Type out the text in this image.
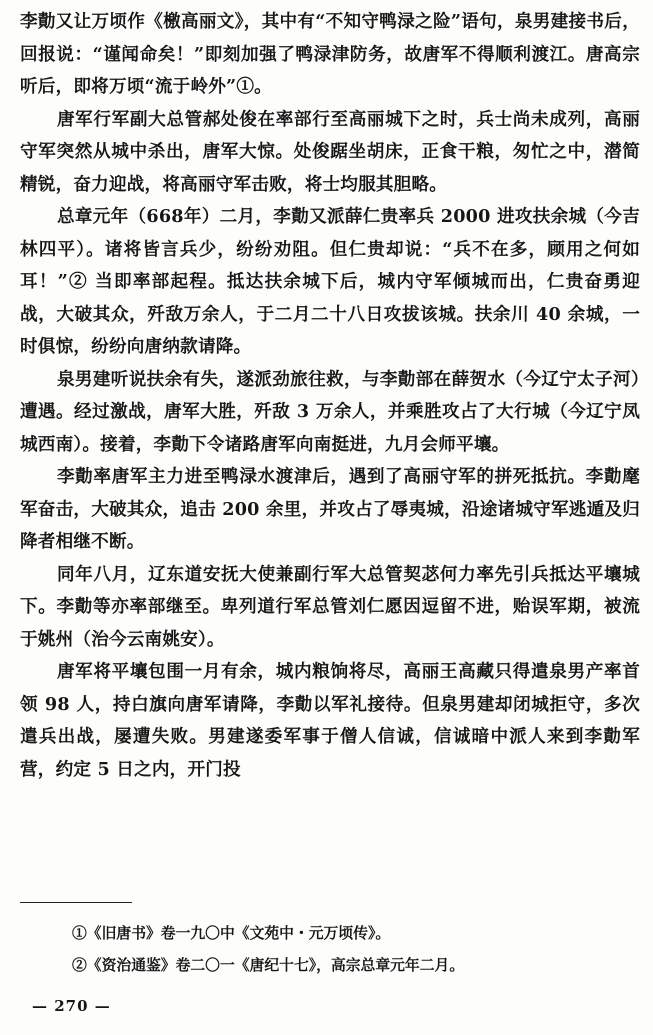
李勣又让万顷作《檄高丽文》，其中有“不知守鸭渌之险”语句，泉男建接书后，回报说：“谨闻命矣！”即刻加强了鸭渌津防务，故唐军不得顺利渡江。唐高宗听后，即将万顷“流于岭外”①。

唐军行军副大总管郝处俊在率部行至高丽城下之时，兵士尚未成列，高丽守军突然从城中杀出，唐军大惊。处俊踞坐胡床，正食干粮，匆忙之中，潜简精锐，奋力迎战，将高丽守军击败，将士均服其胆略。

总章元年（668年）二月，李勣又派薛仁贵率兵 2000 进攻扶余城（今吉林四平）。诸将皆言兵少，纷纷劝阻。但仁贵却说：“兵不在多，顾用之何如耳！”② 当即率部起程。抵达扶余城下后，城内守军倾城而出，仁贵奋勇迎战，大破其众，歼敌万余人，于二月二十八日攻拔该城。扶余川 40 余城，一时俱惊，纷纷向唐纳款请降。

泉男建听说扶余有失，遂派劲旅往救，与李勣部在薛贺水（今辽宁太子河）遭遇。经过激战，唐军大胜，歼敌 3 万余人，并乘胜攻占了大行城（今辽宁凤城西南）。接着，李勣下令诸路唐军向南挺进，九月会师平壤。

李勣率唐军主力进至鸭渌水渡津后，遇到了高丽守军的拼死抵抗。李勣麾军奋击，大破其众，追击 200 余里，并攻占了辱夷城，沿途诸城守军逃遁及归降者相继不断。

同年八月，辽东道安抚大使兼副行军大总管契苾何力率先引兵抵达平壤城下。李勣等亦率部继至。卑列道行军总管刘仁愿因逗留不进，贻误军期，被流于姚州（治今云南姚安）。

唐军将平壤包围一月有余，城内粮饷将尽，高丽王高藏只得遣泉男产率首领 98 人，持白旗向唐军请降，李勣以军礼接待。但泉男建却闭城拒守，多次遣兵出战，屡遭失败。男建遂委军事于僧人信诚，信诚暗中派人来到李勣军营，约定 5 日之内，开门投

①《旧唐书》卷一九〇中《文苑中・元万顷传》。

②《资治通鉴》卷二〇一《唐纪十七》，高宗总章元年二月。

— 270 —
